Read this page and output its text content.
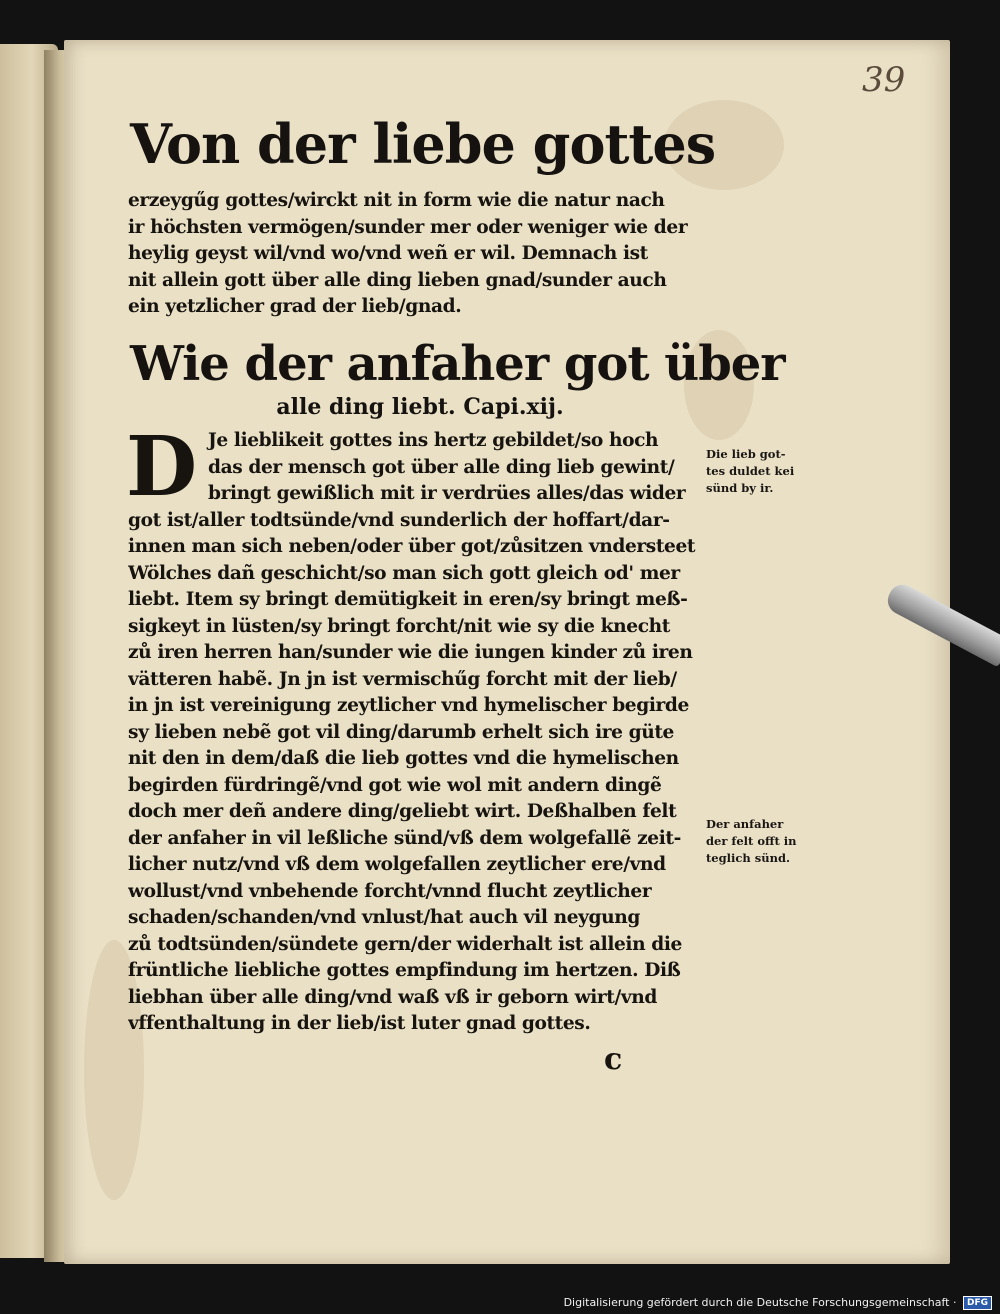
39
Von der liebe gottes
erzeygűg gottes/wirckt nit in form wie die natur nach
ir höchsten vermögen/sunder mer oder weniger wie der
heylig geyst wil/vnd wo/vnd weñ er wil. Demnach ist
nit allein gott über alle ding lieben gnad/sunder auch
ein yetzlicher grad der lieb/gnad.
Wie der anfaher got über
alle ding liebt. Capi.xij.
D Je lieblikeit gottes ins hertz gebildet/so hoch
das der mensch got über alle ding lieb gewint/
bringt gewißlich mit ir verdrües alles/das wider
got ist/aller todtsünde/vnd sunderlich der hoffart/dar-
innen man sich neben/oder über got/zůsitzen vndersteet
Wölches dañ geschicht/so man sich gott gleich od' mer
liebt. Item sy bringt demütigkeit in eren/sy bringt meß-
sigkeyt in lüsten/sy bringt forcht/nit wie sy die knecht
zů iren herren han/sunder wie die iungen kinder zů iren
vätteren habẽ. Jn jn ist vermischűg forcht mit der lieb/
in jn ist vereinigung zeytlicher vnd hymelischer begirde
sy lieben nebẽ got vil ding/darumb erhelt sich ire güte
nit den in dem/daß die lieb gottes vnd die hymelischen
begirden fürdringẽ/vnd got wie wol mit andern dingẽ
doch mer deñ andere ding/geliebt wirt. Deßhalben felt
der anfaher in vil leßliche sünd/vß dem wolgefallẽ zeit-
licher nutz/vnd vß dem wolgefallen zeytlicher ere/vnd
wollust/vnd vnbehende forcht/vnnd flucht zeytlicher
schaden/schanden/vnd vnlust/hat auch vil neygung
zů todtsünden/sündete gern/der widerhalt ist allein die
früntliche liebliche gottes empfindung im hertzen. Diß
liebhan über alle ding/vnd waß vß ir geborn wirt/vnd
vffenthaltung in der lieb/ist luter gnad gottes.
Die lieb got-
tes duldet kei
sünd by ir.
Der anfaher
der felt offt in
teglich sünd.
c
Digitalisierung gefördert durch die Deutsche Forschungsgemeinschaft · DFG
